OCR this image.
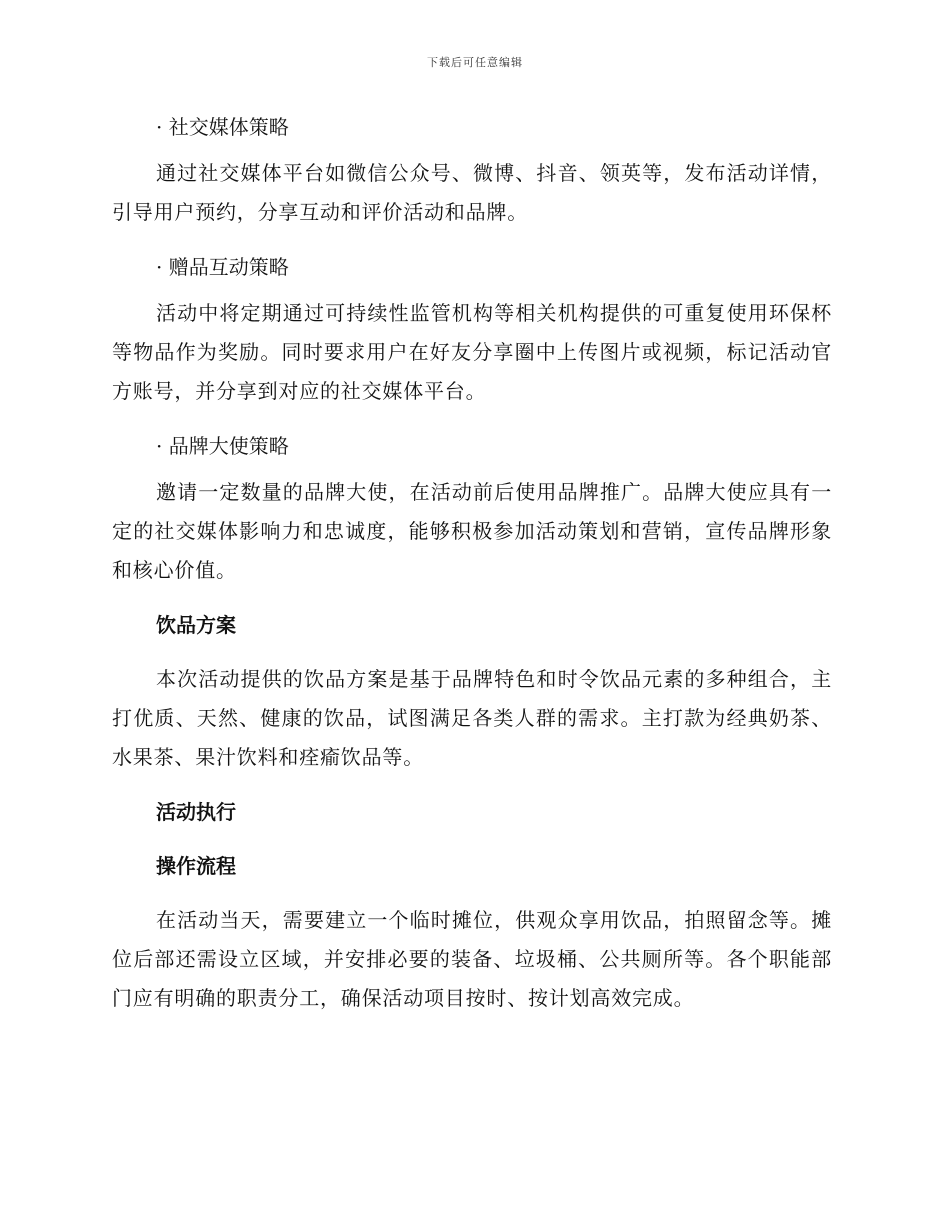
下载后可任意编辑
· 社交媒体策略

通过社交媒体平台如微信公众号、微博、抖音、领英等，发布活动详情，引导用户预约，分享互动和评价活动和品牌。

· 赠品互动策略

活动中将定期通过可持续性监管机构等相关机构提供的可重复使用环保杯等物品作为奖励。同时要求用户在好友分享圈中上传图片或视频，标记活动官方账号，并分享到对应的社交媒体平台。

· 品牌大使策略

邀请一定数量的品牌大使，在活动前后使用品牌推广。品牌大使应具有一定的社交媒体影响力和忠诚度，能够积极参加活动策划和营销，宣传品牌形象和核心价值。

饮品方案

本次活动提供的饮品方案是基于品牌特色和时令饮品元素的多种组合，主打优质、天然、健康的饮品，试图满足各类人群的需求。主打款为经典奶茶、水果茶、果汁饮料和痊瘉饮品等。

活动执行
操作流程

在活动当天，需要建立一个临时摊位，供观众享用饮品，拍照留念等。摊位后部还需设立区域，并安排必要的装备、垃圾桶、公共厕所等。各个职能部门应有明确的职责分工，确保活动项目按时、按计划高效完成。
